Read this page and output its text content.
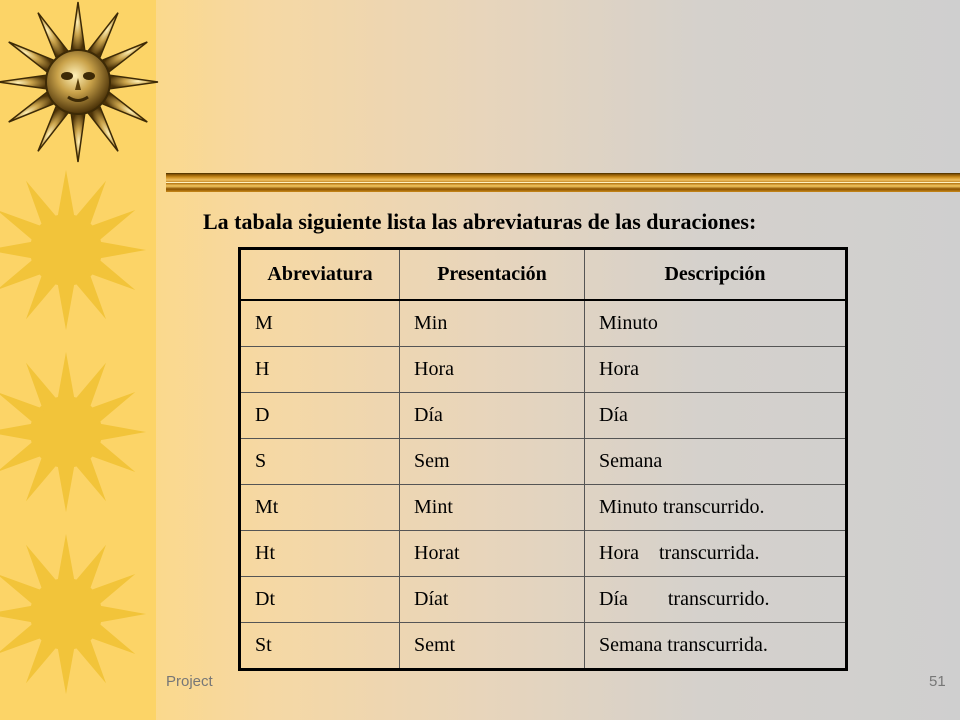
La tabala siguiente lista las abreviaturas de las duraciones:
Abreviatura	Presentación	Descripción
M	Min	Minuto
H	Hora	Hora
D	Día	Día
S	Sem	Semana
Mt	Mint	Minuto transcurrido.
Ht	Horat	Hora    transcurrida.
Dt	Díat	Día        transcurrido.
St	Semt	Semana transcurrida.
Project	51
